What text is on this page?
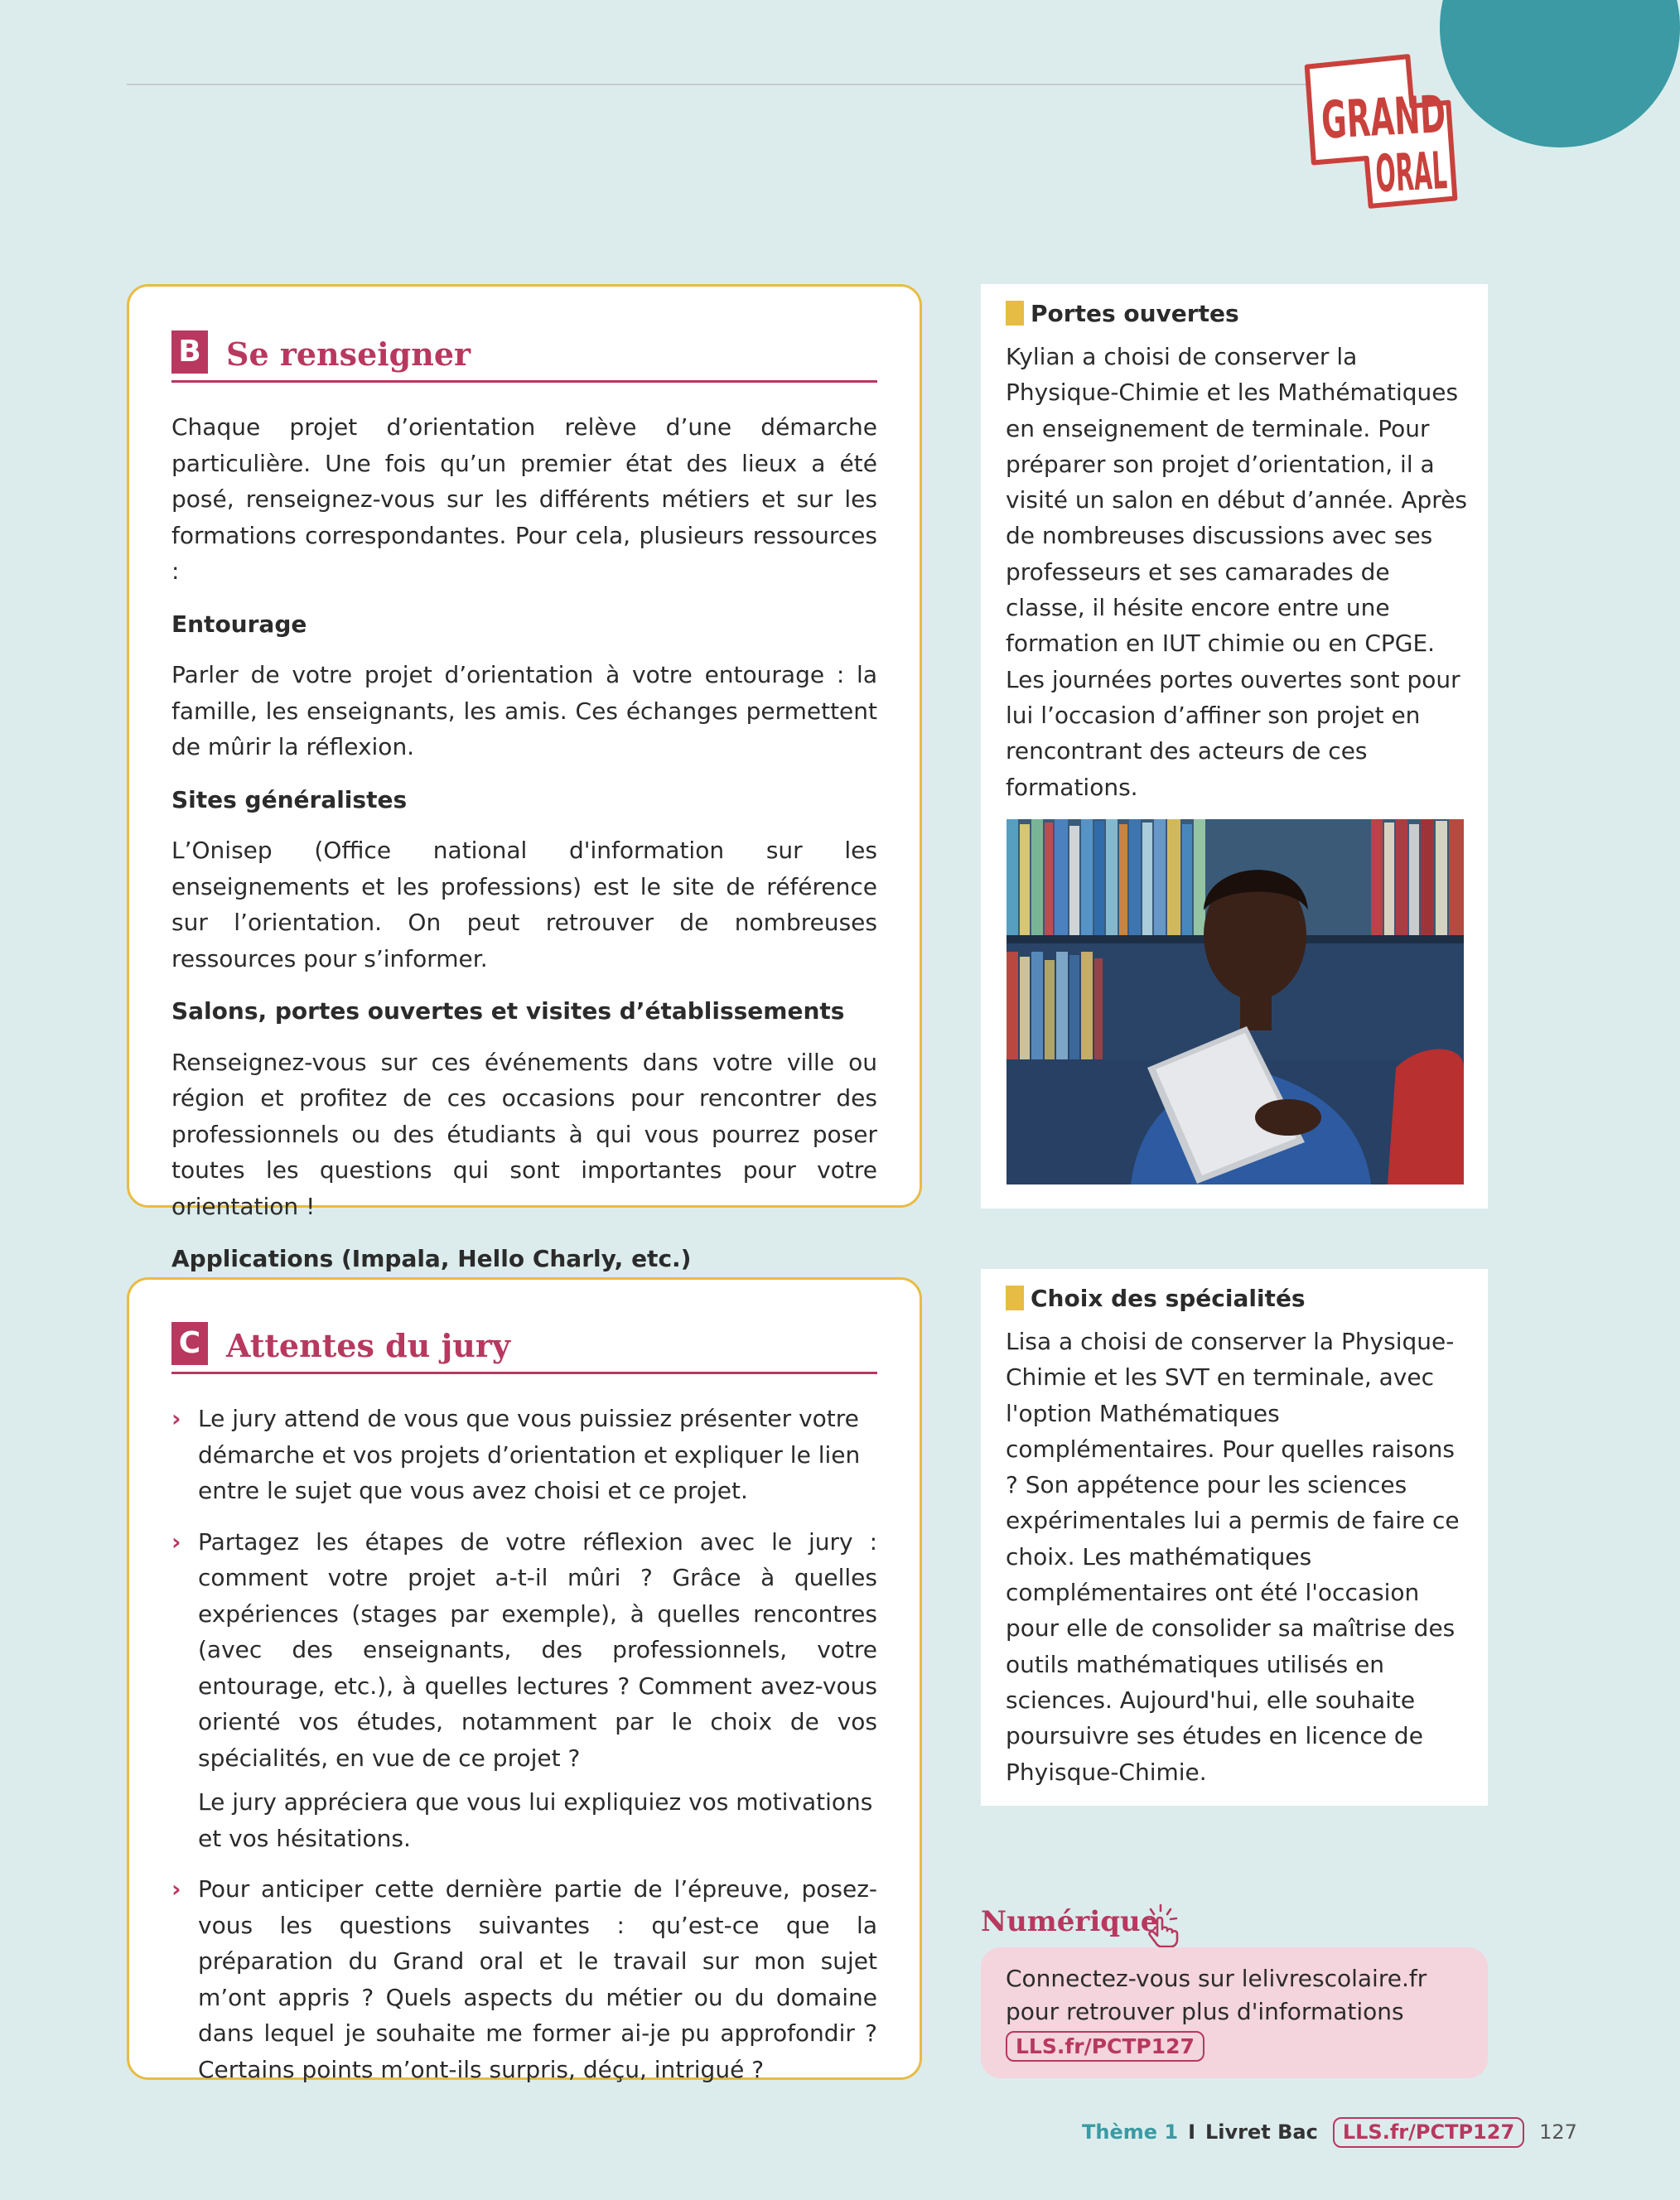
GRAND
ORAL
B Se renseigner

Chaque projet d’orientation relève d’une démarche particulière. Une fois qu’un premier état des lieux a été posé, renseignez-vous sur les différents métiers et sur les formations correspondantes. Pour cela, plusieurs ressources :

Entourage

Parler de votre projet d’orientation à votre entourage : la famille, les enseignants, les amis. Ces échanges permettent de mûrir la réflexion.

Sites généralistes

L’Onisep (Office national d'information sur les enseignements et les professions) est le site de référence sur l’orientation. On peut retrouver de nombreuses ressources pour s’informer.

Salons, portes ouvertes et visites d’établissements

Renseignez-vous sur ces événements dans votre ville ou région et profitez de ces occasions pour rencontrer des professionnels ou des étudiants à qui vous pourrez poser toutes les questions qui sont importantes pour votre orientation !

Applications (Impala, Hello Charly, etc.)
Portes ouvertes
Kylian a choisi de conserver la Physique-Chimie et les Mathématiques en enseignement de terminale. Pour préparer son projet d’orientation, il a visité un salon en début d’année. Après de nombreuses discussions avec ses professeurs et ses camarades de classe, il hésite encore entre une formation en IUT chimie ou en CPGE. Les journées portes ouvertes sont pour lui l’occasion d’affiner son projet en rencontrant des acteurs de ces formations.
C Attentes du jury
› Le jury attend de vous que vous puissiez présenter votre démarche et vos projets d’orientation et expliquer le lien entre le sujet que vous avez choisi et ce projet.

› Partagez les étapes de votre réflexion avec le jury : comment votre projet a-t-il mûri ? Grâce à quelles expériences (stages par exemple), à quelles rencontres (avec des enseignants, des professionnels, votre entourage, etc.), à quelles lectures ? Comment avez-vous orienté vos études, notamment par le choix de vos spécialités, en vue de ce projet ?

Le jury appréciera que vous lui expliquiez vos motivations et vos hésitations.

› Pour anticiper cette dernière partie de l’épreuve, posez-vous les questions suivantes : qu’est-ce que la préparation du Grand oral et le travail sur mon sujet m’ont appris ? Quels aspects du métier ou du domaine dans lequel je souhaite me former ai-je pu approfondir ? Certains points m’ont-ils surpris, déçu, intrigué ?

Choix des spécialités
Lisa a choisi de conserver la Physique-Chimie et les SVT en terminale, avec l'option Mathématiques complémentaires. Pour quelles raisons ? Son appétence pour les sciences expérimentales lui a permis de faire ce choix. Les mathématiques complémentaires ont été l'occasion pour elle de consolider sa maîtrise des outils mathématiques utilisés en sciences. Aujourd'hui, elle souhaite poursuivre ses études en licence de Phyisque-Chimie.
Numérique
Connectez-vous sur lelivrescolaire.fr pour retrouver plus d'informations
LLS.fr/PCTP127
Thème 1 I Livret Bac	LLS.fr/PCTP127	127
